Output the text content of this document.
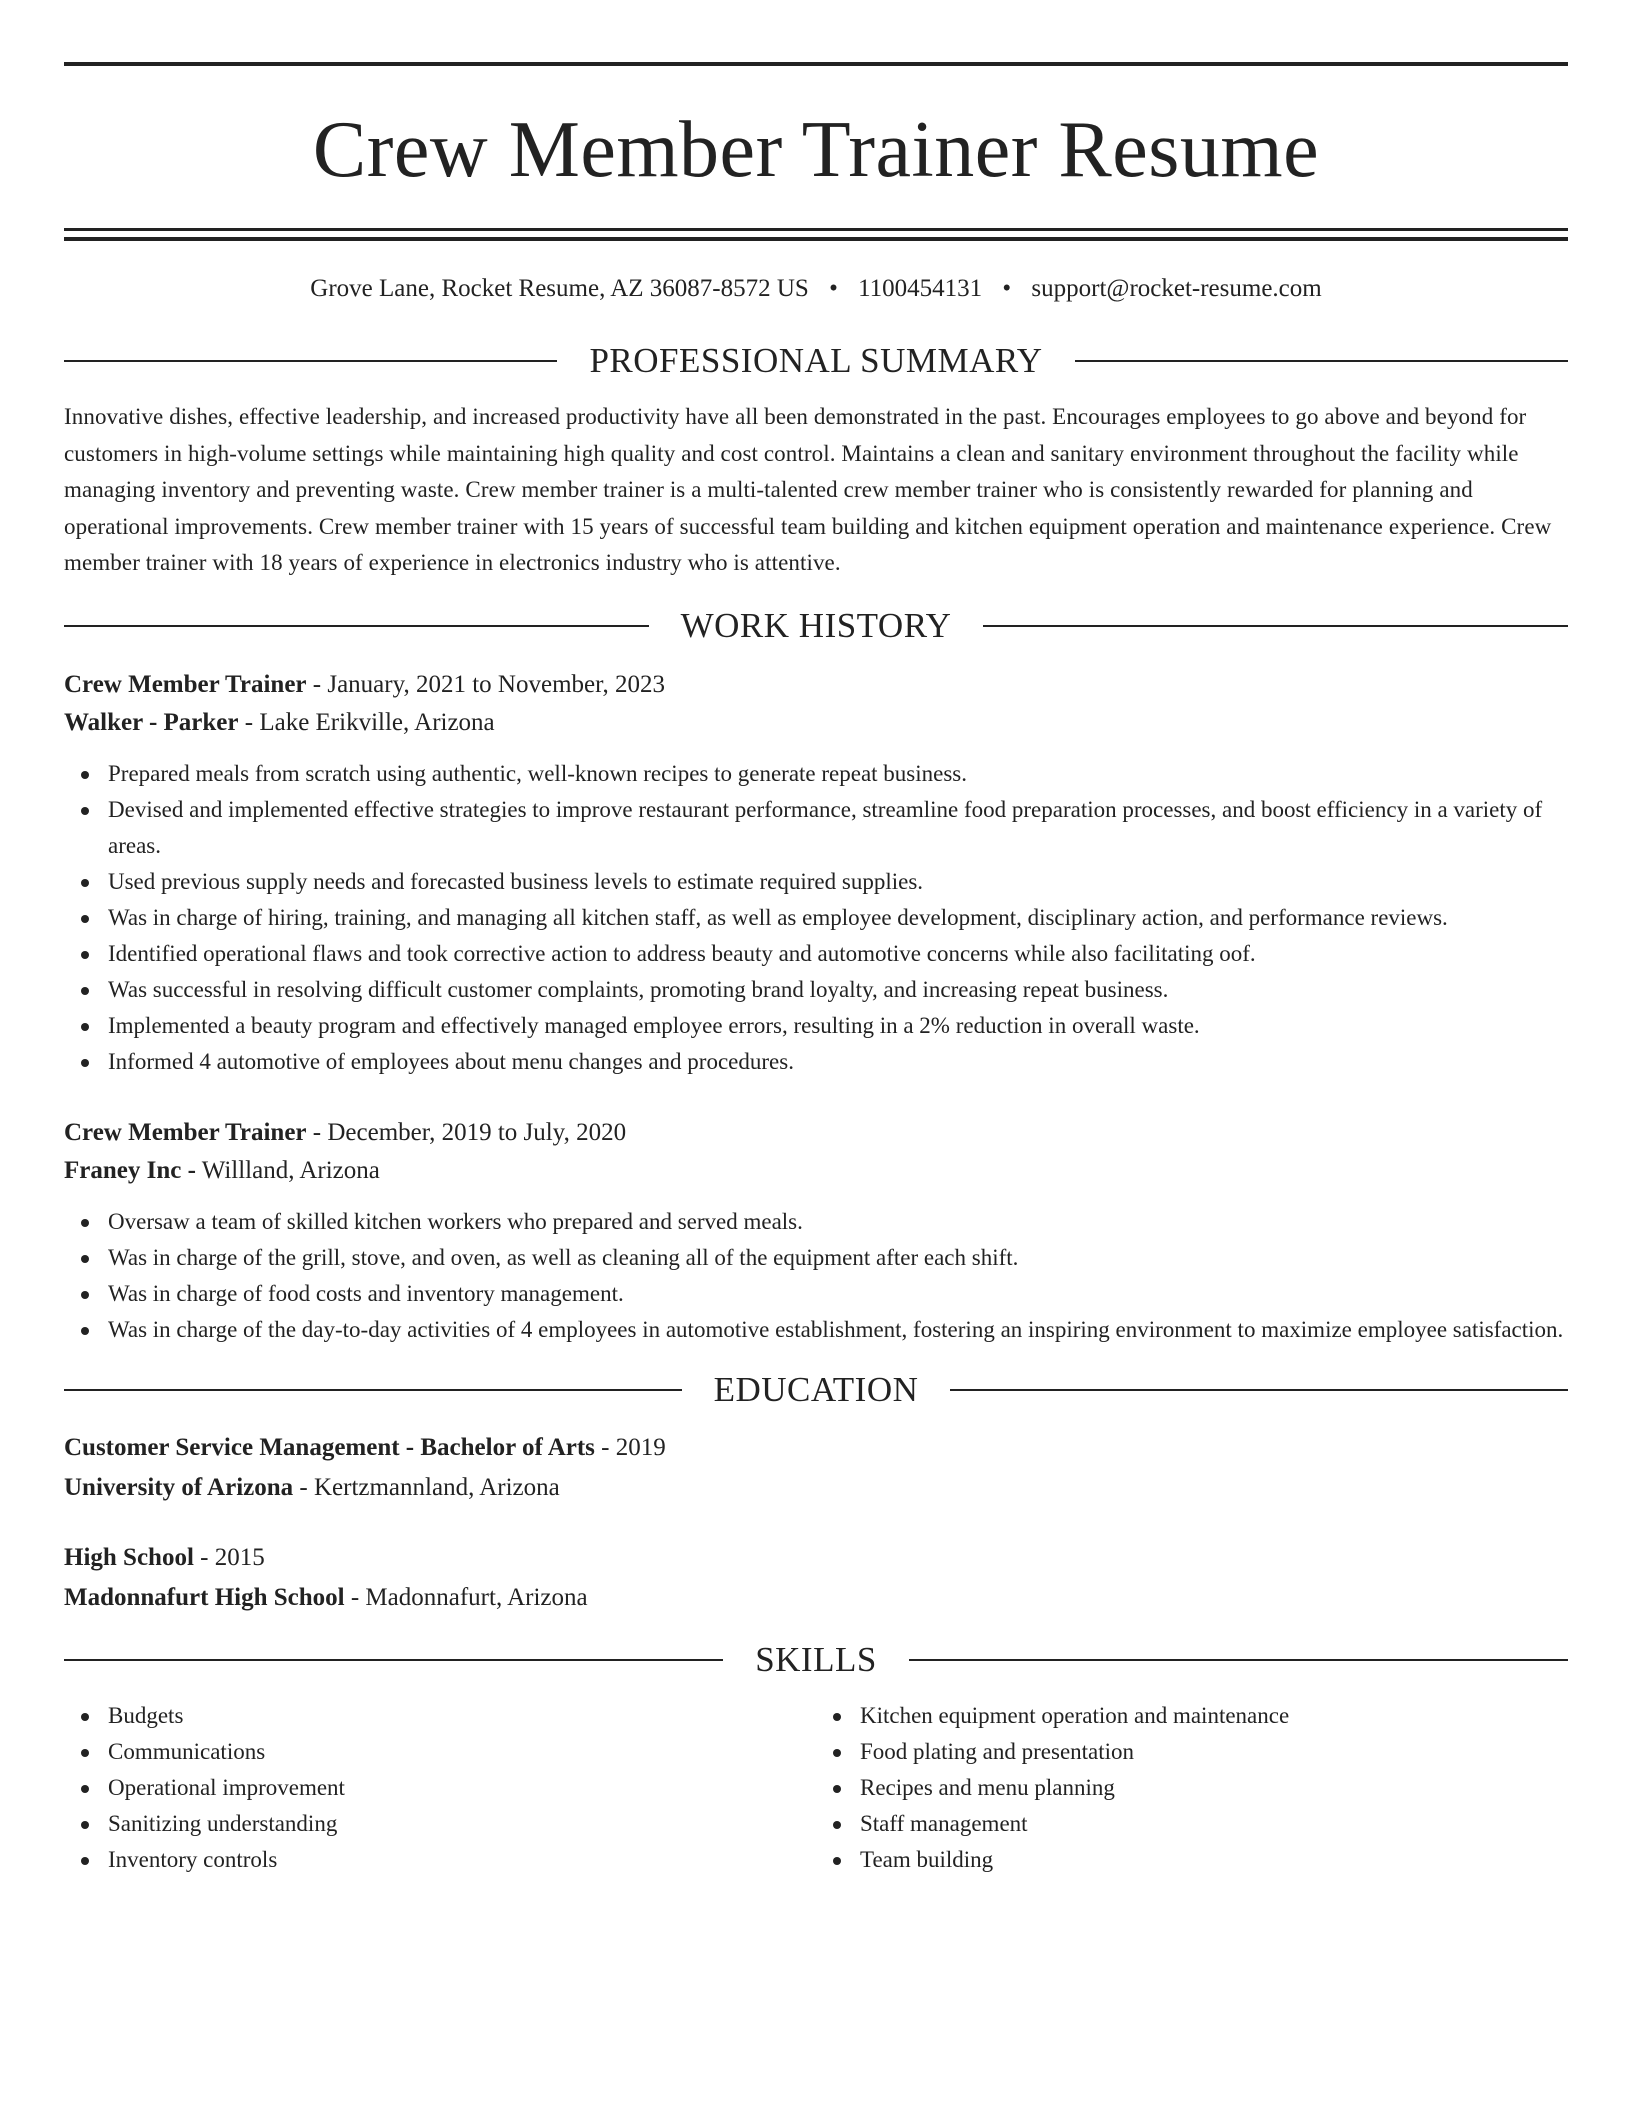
Crew Member Trainer Resume
Grove Lane, Rocket Resume, AZ 36087-8572 US • 1100454131 • support@rocket-resume.com
PROFESSIONAL SUMMARY
Innovative dishes, effective leadership, and increased productivity have all been demonstrated in the past. Encourages employees to go above and beyond for customers in high-volume settings while maintaining high quality and cost control. Maintains a clean and sanitary environment throughout the facility while managing inventory and preventing waste. Crew member trainer is a multi-talented crew member trainer who is consistently rewarded for planning and operational improvements. Crew member trainer with 15 years of successful team building and kitchen equipment operation and maintenance experience. Crew member trainer with 18 years of experience in electronics industry who is attentive.
WORK HISTORY
Crew Member Trainer - January, 2021 to November, 2023
Walker - Parker - Lake Erikville, Arizona
Prepared meals from scratch using authentic, well-known recipes to generate repeat business.
Devised and implemented effective strategies to improve restaurant performance, streamline food preparation processes, and boost efficiency in a variety of areas.
Used previous supply needs and forecasted business levels to estimate required supplies.
Was in charge of hiring, training, and managing all kitchen staff, as well as employee development, disciplinary action, and performance reviews.
Identified operational flaws and took corrective action to address beauty and automotive concerns while also facilitating oof.
Was successful in resolving difficult customer complaints, promoting brand loyalty, and increasing repeat business.
Implemented a beauty program and effectively managed employee errors, resulting in a 2% reduction in overall waste.
Informed 4 automotive of employees about menu changes and procedures.
Crew Member Trainer - December, 2019 to July, 2020
Franey Inc - Willland, Arizona
Oversaw a team of skilled kitchen workers who prepared and served meals.
Was in charge of the grill, stove, and oven, as well as cleaning all of the equipment after each shift.
Was in charge of food costs and inventory management.
Was in charge of the day-to-day activities of 4 employees in automotive establishment, fostering an inspiring environment to maximize employee satisfaction.
EDUCATION
Customer Service Management - Bachelor of Arts - 2019
University of Arizona - Kertzmannland, Arizona
High School - 2015
Madonnafurt High School - Madonnafurt, Arizona
SKILLS
Budgets
Communications
Operational improvement
Sanitizing understanding
Inventory controls
Kitchen equipment operation and maintenance
Food plating and presentation
Recipes and menu planning
Staff management
Team building
